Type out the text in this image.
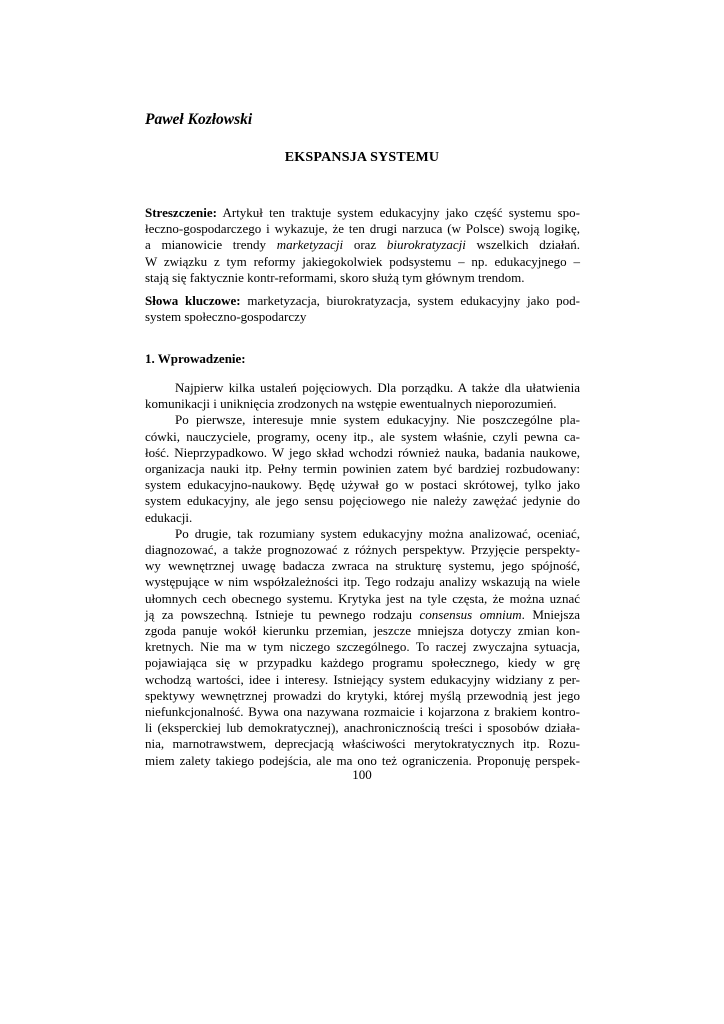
Paweł Kozłowski
EKSPANSJA SYSTEMU
Streszczenie: Artykuł ten traktuje system edukacyjny jako część systemu spo-
łeczno-gospodarczego i wykazuje, że ten drugi narzuca (w Polsce) swoją logikę,
a mianowicie trendy marketyzacji oraz biurokratyzacji wszelkich działań.
W związku z tym reformy jakiegokolwiek podsystemu – np. edukacyjnego –
stają się faktycznie kontr-reformami, skoro służą tym głównym trendom.
Słowa kluczowe: marketyzacja, biurokratyzacja, system edukacyjny jako pod-
system społeczno-gospodarczy
1. Wprowadzenie:

Najpierw kilka ustaleń pojęciowych. Dla porządku. A także dla ułatwienia
komunikacji i uniknięcia zrodzonych na wstępie ewentualnych nieporozumień.

Po pierwsze, interesuje mnie system edukacyjny. Nie poszczególne pla-
cówki, nauczyciele, programy, oceny itp., ale system właśnie, czyli pewna ca-
łość. Nieprzypadkowo. W jego skład wchodzi również nauka, badania naukowe,
organizacja nauki itp. Pełny termin powinien zatem być bardziej rozbudowany:
system edukacyjno-naukowy. Będę używał go w postaci skrótowej, tylko jako
system edukacyjny, ale jego sensu pojęciowego nie należy zawężać jedynie do
edukacji.

Po drugie, tak rozumiany system edukacyjny można analizować, oceniać,
diagnozować, a także prognozować z różnych perspektyw. Przyjęcie perspekty-
wy wewnętrznej uwagę badacza zwraca na strukturę systemu, jego spójność,
występujące w nim współzależności itp. Tego rodzaju analizy wskazują na wiele
ułomnych cech obecnego systemu. Krytyka jest na tyle częsta, że można uznać
ją za powszechną. Istnieje tu pewnego rodzaju consensus omnium. Mniejsza
zgoda panuje wokół kierunku przemian, jeszcze mniejsza dotyczy zmian kon-
kretnych. Nie ma w tym niczego szczególnego. To raczej zwyczajna sytuacja,
pojawiająca się w przypadku każdego programu społecznego, kiedy w grę
wchodzą wartości, idee i interesy. Istniejący system edukacyjny widziany z per-
spektywy wewnętrznej prowadzi do krytyki, której myślą przewodnią jest jego
niefunkcjonalność. Bywa ona nazywana rozmaicie i kojarzona z brakiem kontro-
li (eksperckiej lub demokratycznej), anachronicznością treści i sposobów działa-
nia, marnotrawstwem, deprecjacją właściwości merytokratycznych itp. Rozu-
miem zalety takiego podejścia, ale ma ono też ograniczenia. Proponuję perspek-

100
